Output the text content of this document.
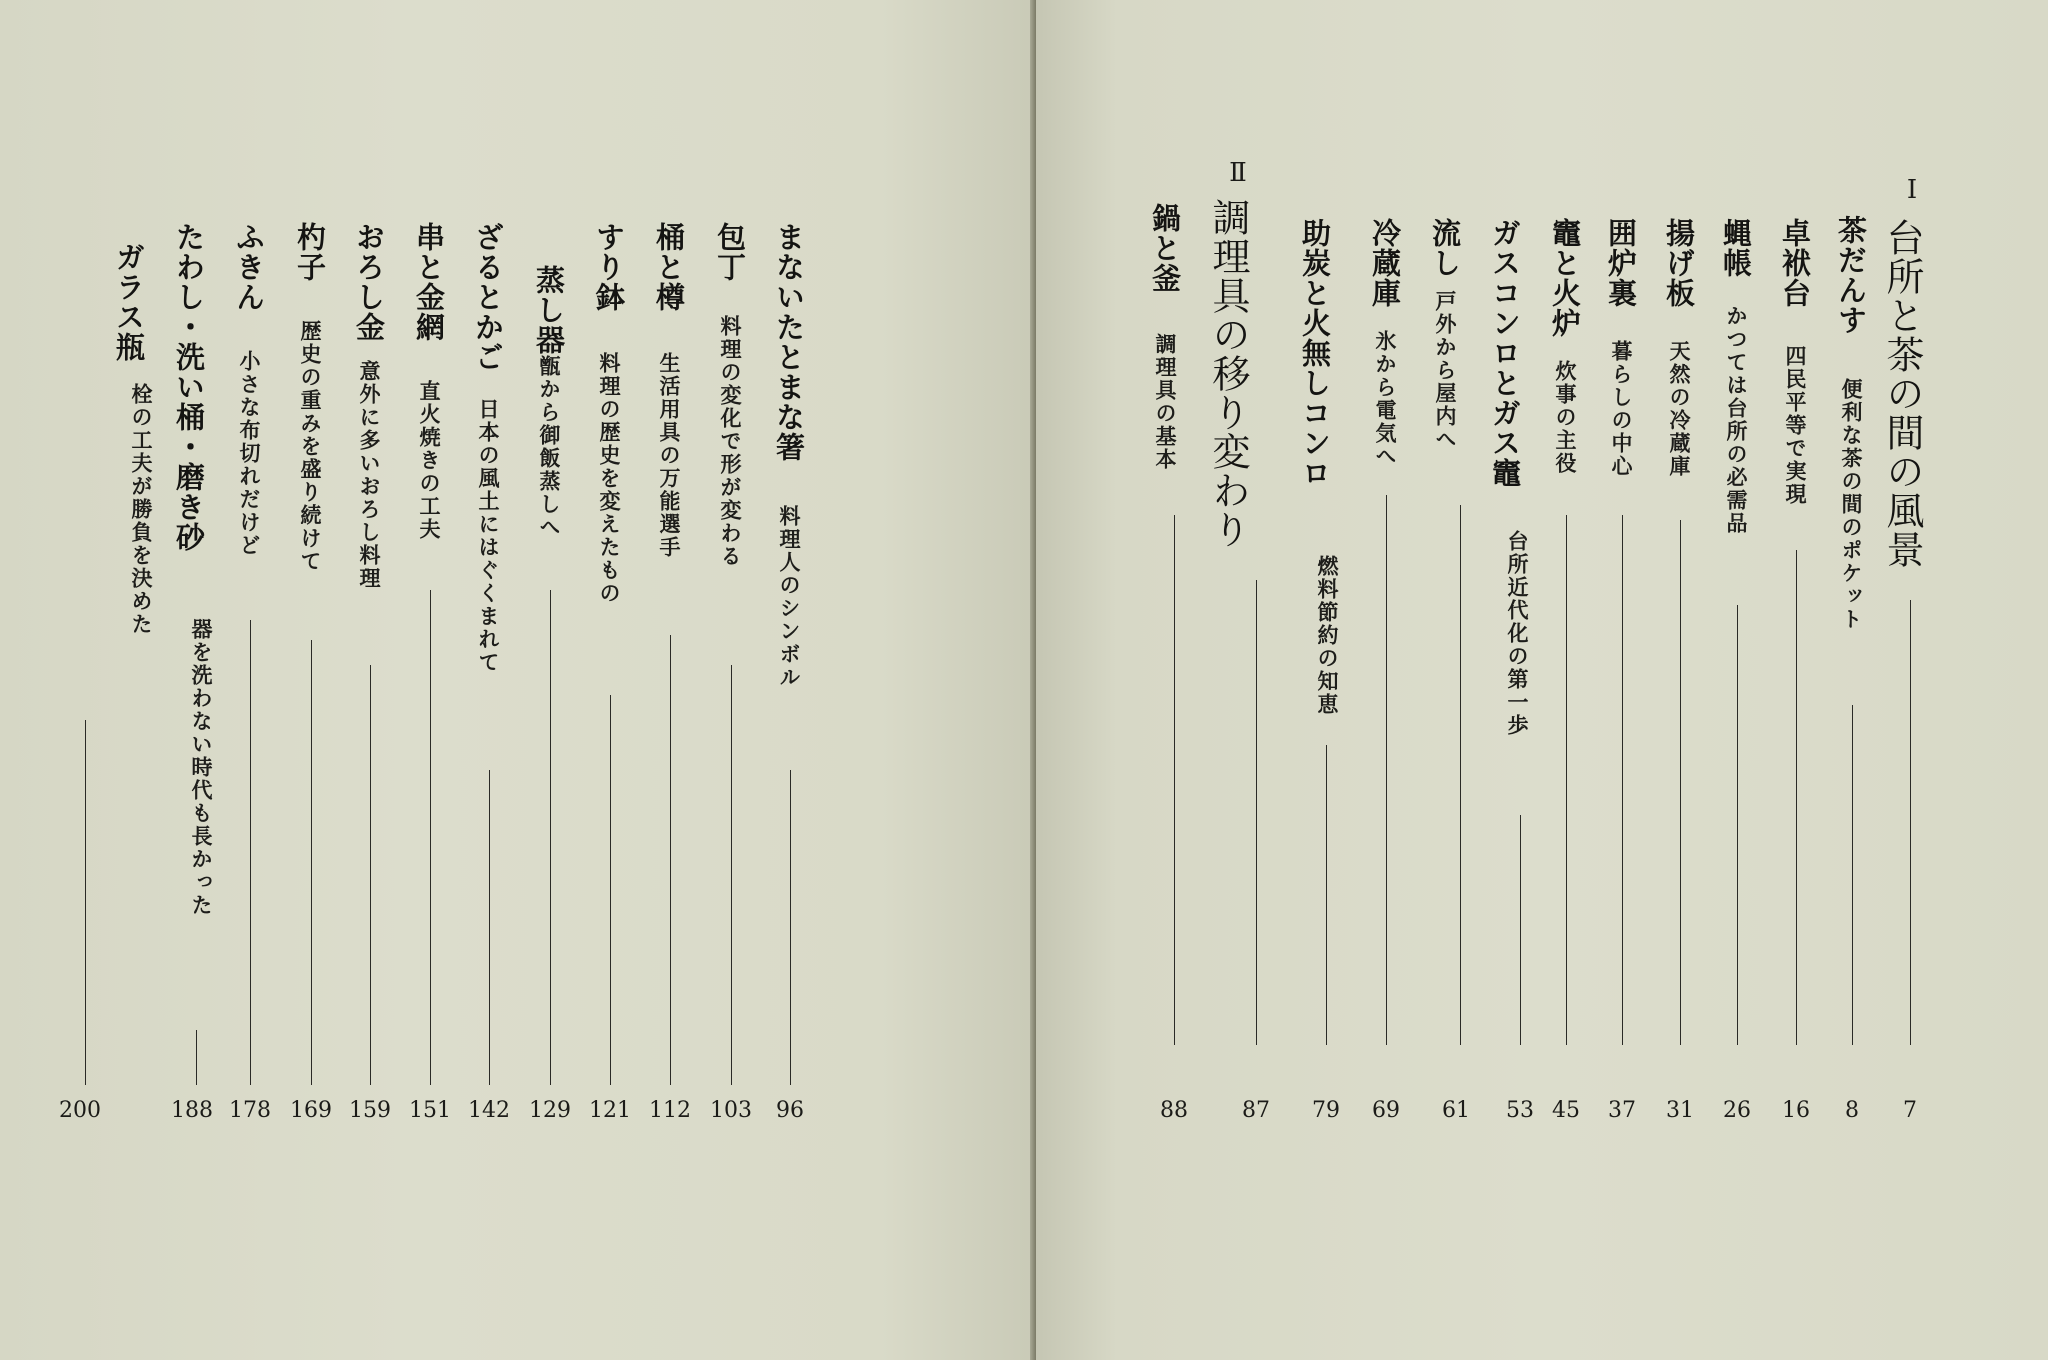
まないたとまな箸
料理人のシンボル
96
包丁
料理の変化で形が変わる
103
桶と樽
生活用具の万能選手
112
すり鉢
料理の歴史を変えたもの
121
蒸し器
甑から御飯蒸しへ
129
ざるとかご
日本の風土にはぐくまれて
142
串と金網
直火焼きの工夫
151
おろし金
意外に多いおろし料理
159
杓子
歴史の重みを盛り続けて
169
ふきん
小さな布切れだけど
178
たわし・洗い桶・磨き砂
器を洗わない時代も長かった
188
ガラス瓶
栓の工夫が勝負を決めた
200
Ⅰ
台所と茶の間の風景
7
茶だんす
便利な茶の間のポケット
8
卓袱台
四民平等で実現
16
蝿帳
かつては台所の必需品
26
揚げ板
天然の冷蔵庫
31
囲炉裏
暮らしの中心
37
竈と火炉
炊事の主役
45
ガスコンロとガス竈
台所近代化の第一歩
53
流し
戸外から屋内へ
61
冷蔵庫
氷から電気へ
69
助炭と火無しコンロ
燃料節約の知恵
79
Ⅱ
調理具の移り変わり
87
鍋と釜
調理具の基本
88
